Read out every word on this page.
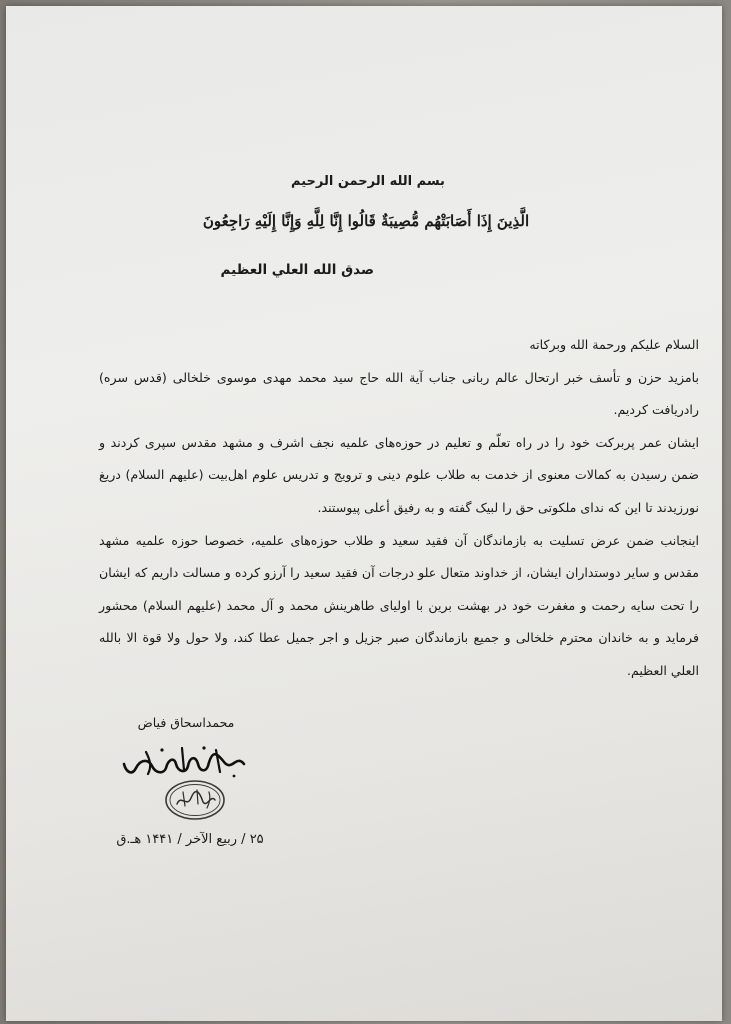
بسم الله الرحمن الرحيم
الَّذِينَ إِذَا أَصَابَتْهُم مُّصِيبَةٌ قَالُوا إِنَّا لِلَّهِ وَإِنَّا إِلَيْهِ رَاجِعُونَ
صدق الله العلي العظيم

السلام عليكم ورحمة الله وبركاته

بامزید حزن و تأسف خبر ارتحال عالم ربانی جناب آیة الله حاج سید محمد مهدی موسوی خلخالی (قدس سره) رادریافت کردیم.

ایشان عمر پربرکت خود را در راه تعلّم و تعلیم در حوزه‌های علمیه نجف اشرف و مشهد مقدس سپری کردند و ضمن رسیدن به کمالات معنوی از خدمت به طلاب علوم دینی و ترویج و تدریس علوم اهل‌بیت (علیهم السلام) دریغ نورزیدند تا این که ندای ملکوتی حق را لبیک گفته و به رفیق أعلی پیوستند.

اینجانب ضمن عرض تسلیت به بازماندگان آن فقید سعید و طلاب حوزه‌های علمیه، خصوصا حوزه علمیه مشهد مقدس و سایر دوستداران ایشان، از خداوند متعال علو درجات آن فقید سعید را آرزو کرده و مسالت داریم که ایشان را تحت سایه رحمت و مغفرت خود در بهشت برین با اولیای طاهرینش محمد و آل محمد (علیهم السلام) محشور فرماید و به خاندان محترم خلخالی و جمیع بازماندگان صبر جزیل و اجر جمیل عطا کند، ولا حول ولا قوة الا بالله العلي العظيم.

محمداسحاق فیاض
۲۵ / ربیع الآخر / ۱۴۴۱ هـ.ق
